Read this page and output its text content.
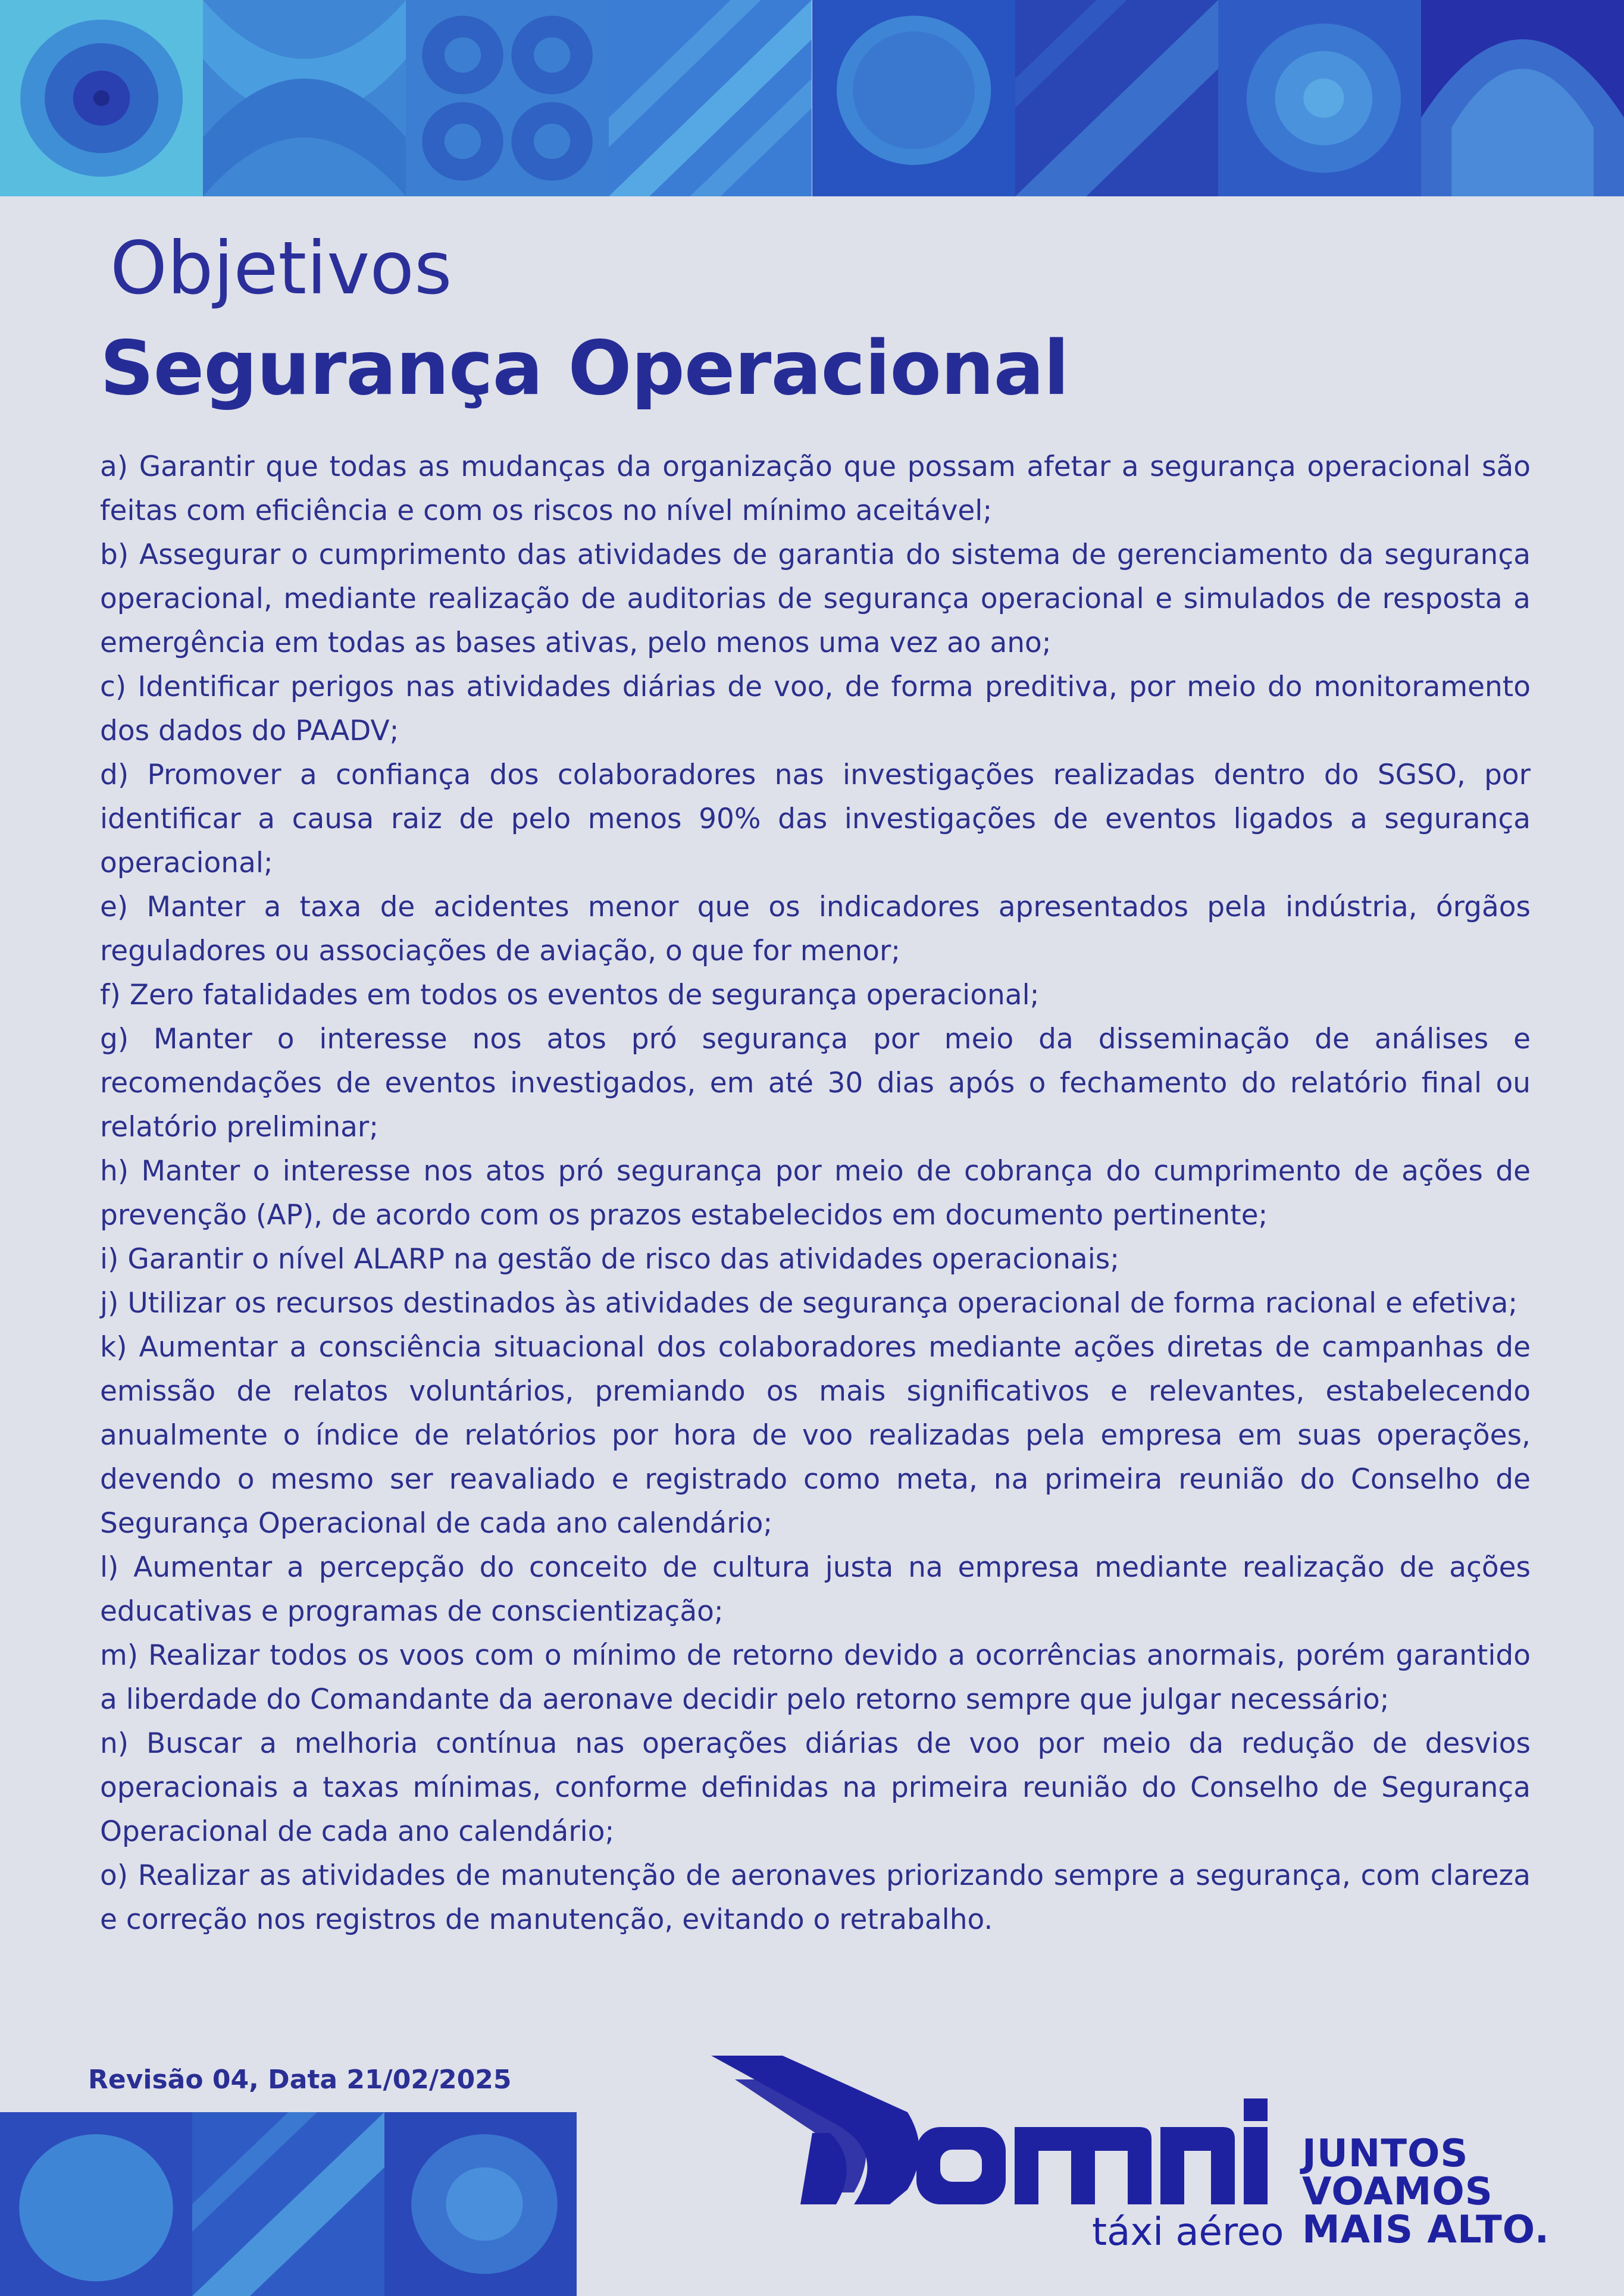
Objetivos
Segurança Operacional
a) Garantir que todas as mudanças da organização que possam afetar a segurança operacional são feitas com eficiência e com os riscos no nível mínimo aceitável;
b) Assegurar o cumprimento das atividades de garantia do sistema de gerenciamento da segurança operacional, mediante realização de auditorias de segurança operacional e simulados de resposta a emergência em todas as bases ativas, pelo menos uma vez ao ano;
c) Identificar perigos nas atividades diárias de voo, de forma preditiva, por meio do monitoramento dos dados do PAADV;
d) Promover a confiança dos colaboradores nas investigações realizadas dentro do SGSO, por identificar a causa raiz de pelo menos 90% das investigações de eventos ligados a segurança operacional;
e) Manter a taxa de acidentes menor que os indicadores apresentados pela indústria, órgãos reguladores ou associações de aviação, o que for menor;
f) Zero fatalidades em todos os eventos de segurança operacional;
g) Manter o interesse nos atos pró segurança por meio da disseminação de análises e recomendações de eventos investigados, em até 30 dias após o fechamento do relatório final ou relatório preliminar;
h) Manter o interesse nos atos pró segurança por meio de cobrança do cumprimento de ações de prevenção (AP), de acordo com os prazos estabelecidos em documento pertinente;
i) Garantir o nível ALARP na gestão de risco das atividades operacionais;
j) Utilizar os recursos destinados às atividades de segurança operacional de forma racional e efetiva;
k) Aumentar a consciência situacional dos colaboradores mediante ações diretas de campanhas de emissão de relatos voluntários, premiando os mais significativos e relevantes, estabelecendo anualmente o índice de relatórios por hora de voo realizadas pela empresa em suas operações, devendo o mesmo ser reavaliado e registrado como meta, na primeira reunião do Conselho de Segurança Operacional de cada ano calendário;
l) Aumentar a percepção do conceito de cultura justa na empresa mediante realização de ações educativas e programas de conscientização;
m) Realizar todos os voos com o mínimo de retorno devido a ocorrências anormais, porém garantido a liberdade do Comandante da aeronave decidir pelo retorno sempre que julgar necessário;
n) Buscar a melhoria contínua nas operações diárias de voo por meio da redução de desvios operacionais a taxas mínimas, conforme definidas na primeira reunião do Conselho de Segurança Operacional de cada ano calendário;
o) Realizar as atividades de manutenção de aeronaves priorizando sempre a segurança, com clareza e correção nos registros de manutenção, evitando o retrabalho.
Revisão 04, Data 21/02/2025
táxi aéreo
JUNTOS
VOAMOS
MAIS ALTO.
